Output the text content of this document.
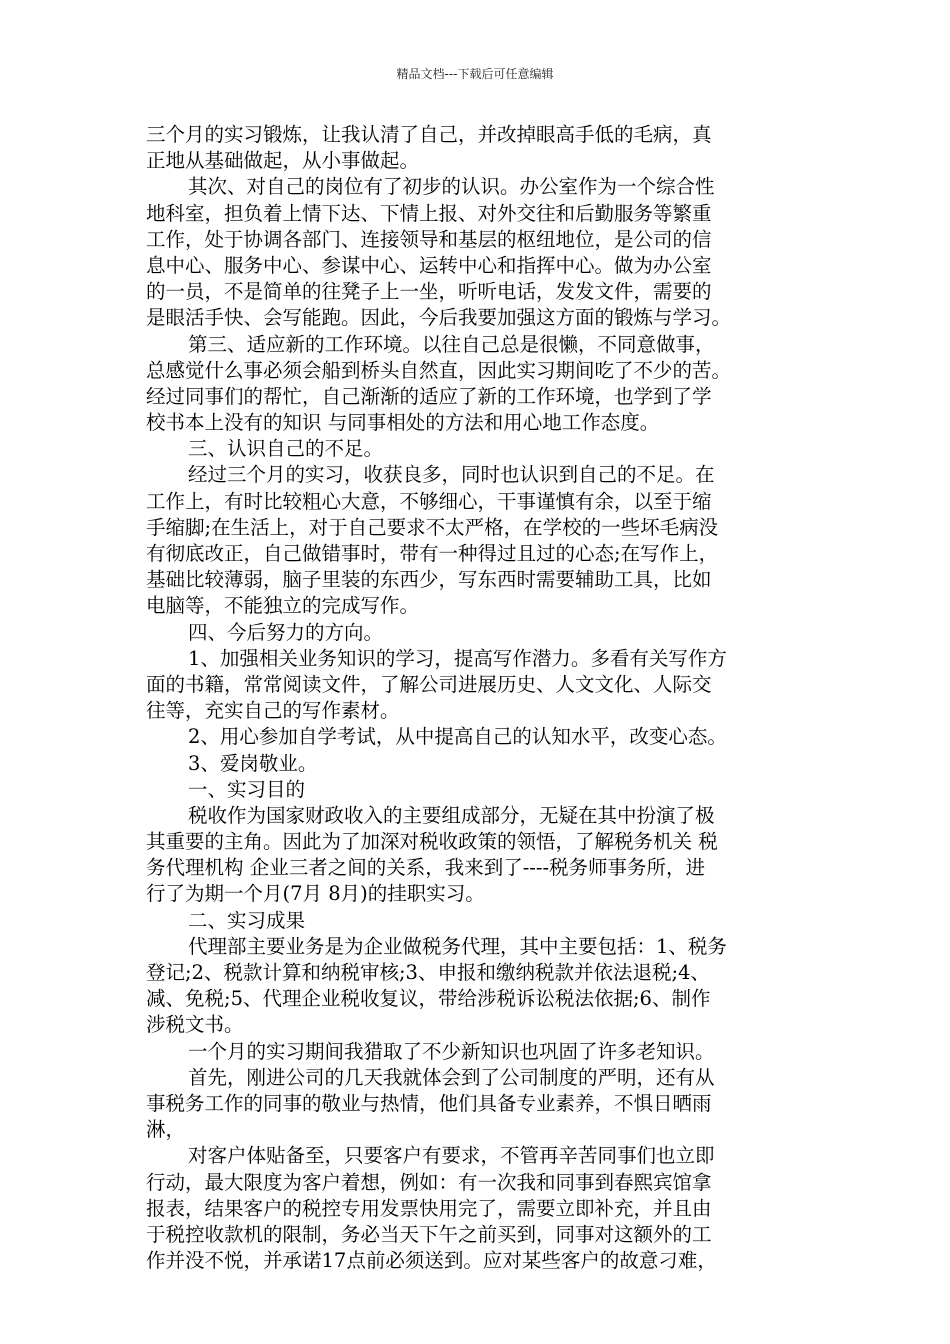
精品文档---下载后可任意编辑
三个月的实习锻炼，让我认清了自己，并改掉眼高手低的毛病，真
正地从基础做起，从小事做起。
其次、对自己的岗位有了初步的认识。办公室作为一个综合性
地科室，担负着上情下达、下情上报、对外交往和后勤服务等繁重
工作，处于协调各部门、连接领导和基层的枢纽地位，是公司的信
息中心、服务中心、参谋中心、运转中心和指挥中心。做为办公室
的一员，不是简单的往凳子上一坐，听听电话，发发文件，需要的
是眼活手快、会写能跑。因此，今后我要加强这方面的锻炼与学习。
第三、适应新的工作环境。以往自己总是很懒，不同意做事，
总感觉什么事必须会船到桥头自然直，因此实习期间吃了不少的苦。
经过同事们的帮忙，自己渐渐的适应了新的工作环境，也学到了学
校书本上没有的知识 与同事相处的方法和用心地工作态度。
三、认识自己的不足。
经过三个月的实习，收获良多，同时也认识到自己的不足。在
工作上，有时比较粗心大意，不够细心，干事谨慎有余，以至于缩
手缩脚;在生活上，对于自己要求不太严格，在学校的一些坏毛病没
有彻底改正，自己做错事时，带有一种得过且过的心态;在写作上，
基础比较薄弱，脑子里装的东西少，写东西时需要辅助工具，比如
电脑等，不能独立的完成写作。
四、今后努力的方向。
1、加强相关业务知识的学习，提高写作潜力。多看有关写作方
面的书籍，常常阅读文件，了解公司进展历史、人文文化、人际交
往等，充实自己的写作素材。
2、用心参加自学考试，从中提高自己的认知水平，改变心态。
3、爱岗敬业。
一、实习目的
税收作为国家财政收入的主要组成部分，无疑在其中扮演了极
其重要的主角。因此为了加深对税收政策的领悟，了解税务机关 税
务代理机构 企业三者之间的关系，我来到了----税务师事务所，进
行了为期一个月(7月 8月)的挂职实习。
二、实习成果
代理部主要业务是为企业做税务代理，其中主要包括：1、税务
登记;2、税款计算和纳税审核;3、申报和缴纳税款并依法退税;4、
减、免税;5、代理企业税收复议，带给涉税诉讼税法依据;6、制作
涉税文书。
一个月的实习期间我猎取了不少新知识也巩固了许多老知识。
首先，刚进公司的几天我就体会到了公司制度的严明，还有从
事税务工作的同事的敬业与热情，他们具备专业素养，不惧日晒雨
淋，
对客户体贴备至，只要客户有要求，不管再辛苦同事们也立即
行动，最大限度为客户着想，例如：有一次我和同事到春熙宾馆拿
报表，结果客户的税控专用发票快用完了，需要立即补充，并且由
于税控收款机的限制，务必当天下午之前买到，同事对这额外的工
作并没不悦，并承诺17点前必须送到。应对某些客户的故意刁难，
